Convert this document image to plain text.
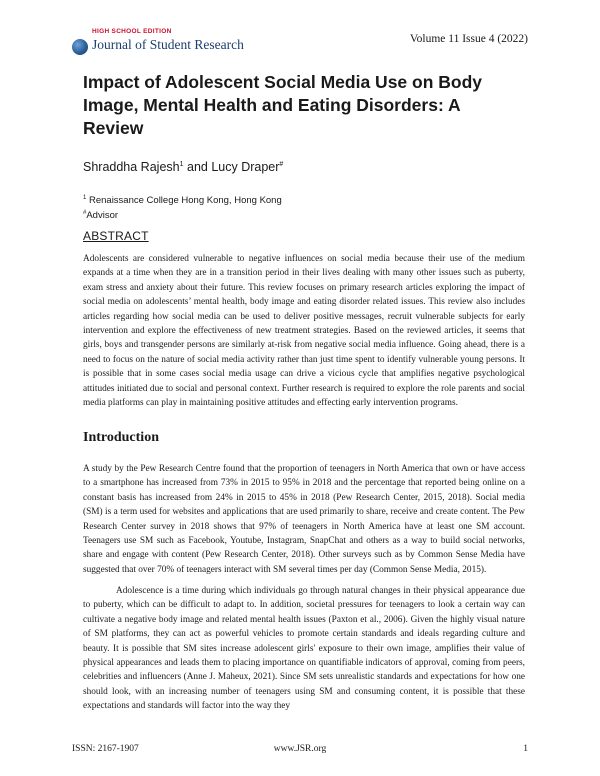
HIGH SCHOOL EDITION
Journal of Student Research	Volume 11 Issue 4 (2022)
Impact of Adolescent Social Media Use on Body Image, Mental Health and Eating Disorders: A Review
Shraddha Rajesh$^1$ and Lucy Draper#
$^1$ Renaissance College Hong Kong, Hong Kong
#Advisor
ABSTRACT

Adolescents are considered vulnerable to negative influences on social media because their use of the medium expands at a time when they are in a transition period in their lives dealing with many other issues such as puberty, exam stress and anxiety about their future. This review focuses on primary research articles exploring the impact of social media on adolescents’ mental health, body image and eating disorder related issues. This review also includes articles regarding how social media can be used to deliver positive messages, recruit vulnerable subjects for early intervention and explore the effectiveness of new treatment strategies. Based on the reviewed articles, it seems that girls, boys and transgender persons are similarly at-risk from negative social media influence. Going ahead, there is a need to focus on the nature of social media activity rather than just time spent to identify vulnerable young persons. It is possible that in some cases social media usage can drive a vicious cycle that amplifies negative psychological attitudes initiated due to social and personal context. Further research is required to explore the role parents and social media platforms can play in maintaining positive attitudes and effecting early intervention programs.

Introduction

A study by the Pew Research Centre found that the proportion of teenagers in North America that own or have access to a smartphone has increased from 73% in 2015 to 95% in 2018 and the percentage that reported being online on a constant basis has increased from 24% in 2015 to 45% in 2018 (Pew Research Center, 2015, 2018). Social media (SM) is a term used for websites and applications that are used primarily to share, receive and create content. The Pew Research Center survey in 2018 shows that 97% of teenagers in North America have at least one SM account. Teenagers use SM such as Facebook, Youtube, Instagram, SnapChat and others as a way to build social networks, share and engage with content (Pew Research Center, 2018). Other surveys such as by Common Sense Media have suggested that over 70% of teenagers interact with SM several times per day (Common Sense Media, 2015).

Adolescence is a time during which individuals go through natural changes in their physical appearance due to puberty, which can be difficult to adapt to. In addition, societal pressures for teenagers to look a certain way can cultivate a negative body image and related mental health issues (Paxton et al., 2006). Given the highly visual nature of SM platforms, they can act as powerful vehicles to promote certain standards and ideals regarding culture and beauty. It is possible that SM sites increase adolescent girls' exposure to their own image, amplifies their value of physical appearances and leads them to placing importance on quantifiable indicators of approval, coming from peers, celebrities and influencers (Anne J. Maheux, 2021). Since SM sets unrealistic standards and expectations for how one should look, with an increasing number of teenagers using SM and consuming content, it is possible that these expectations and standards will factor into the way they

ISSN: 2167-1907	www.JSR.org	1
